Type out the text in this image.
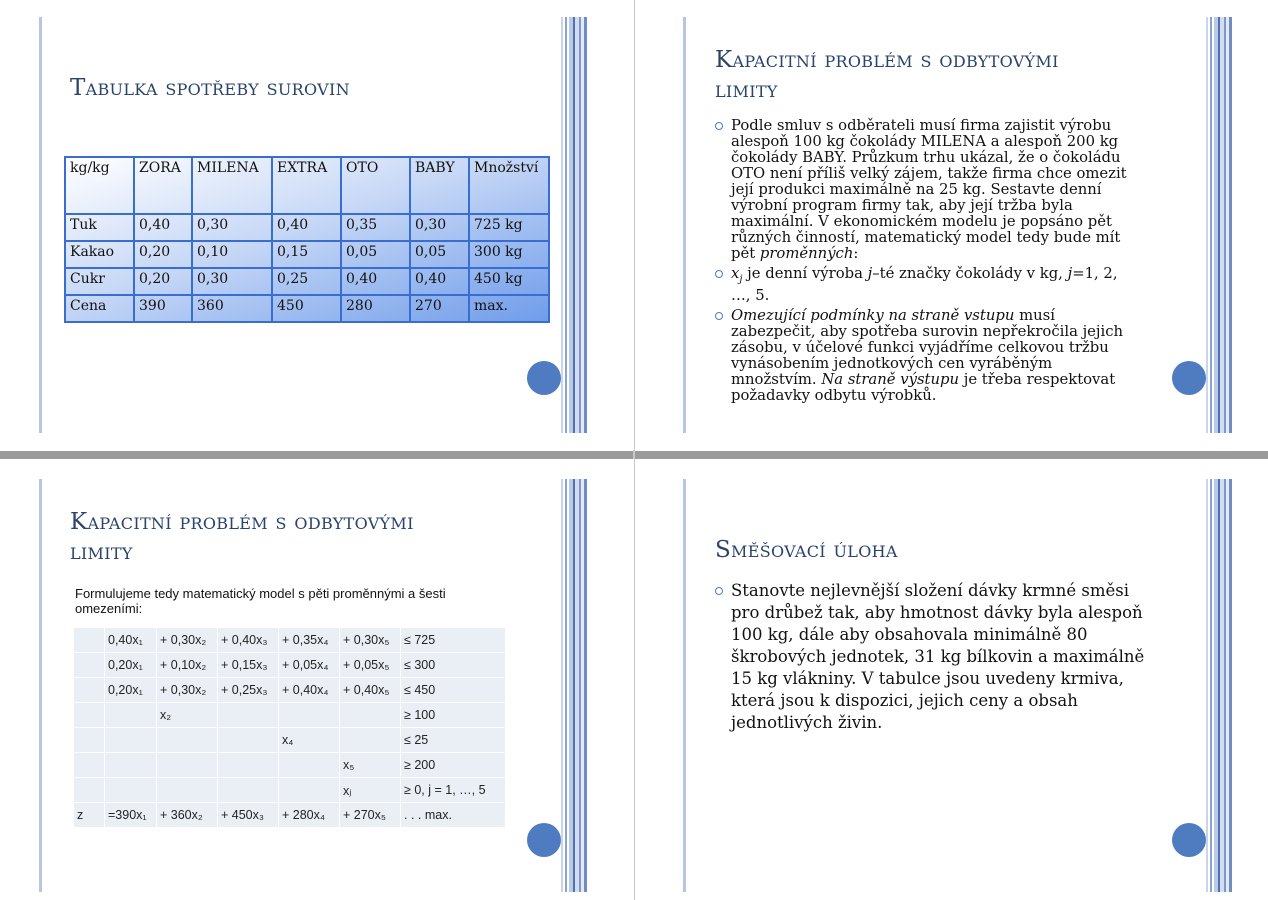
Tabulka spotřeby surovin
kg/kg	ZORA	MILENA	EXTRA	OTO	BABY	Množství
Tuk	0,40	0,30	0,40	0,35	0,30	725 kg
Kakao	0,20	0,10	0,15	0,05	0,05	300 kg
Cukr	0,20	0,30	0,25	0,40	0,40	450 kg
Cena	390	360	450	280	270	max.
Kapacitní problém s odbytovými
limity

Podle smluv s odběrateli musí firma zajistit výrobu alespoň 100 kg čokolády MILENA a alespoň 200 kg čokolády BABY. Průzkum trhu ukázal, že o čokoládu OTO není příliš velký zájem, takže firma chce omezit její produkci maximálně na 25 kg. Sestavte denní výrobní program firmy tak, aby její tržba byla maximální. V ekonomickém modelu je popsáno pět různých činností, matematický model tedy bude mít pět proměnných:

$x_j$ je denní výroba j–té značky čokolády v kg, j=1, 2, …, 5.

Omezující podmínky na straně vstupu musí zabezpečit, aby spotřeba surovin nepřekročila jejich zásobu, v účelové funkci vyjádříme celkovou tržbu vynásobením jednotkových cen vyráběným množstvím. Na straně výstupu je třeba respektovat požadavky odbytu výrobků.

Kapacitní problém s odbytovými
limity
Formulujeme tedy matematický model s pěti proměnnými a šesti omezeními:
	0,40x₁	+ 0,30x₂	+ 0,40x₃	+ 0,35x₄	+ 0,30x₅	≤ 725
	0,20x₁	+ 0,10x₂	+ 0,15x₃	+ 0,05x₄	+ 0,05x₅	≤ 300
	0,20x₁	+ 0,30x₂	+ 0,25x₃	+ 0,40x₄	+ 0,40x₅	≤ 450
		x₂				≥ 100
				x₄		≤ 25
					x₅	≥ 200
					xⱼ	≥ 0, j = 1, …, 5
z	=390x₁	+ 360x₂	+ 450x₃	+ 280x₄	+ 270x₅	. . . max.
Směšovací úloha

Stanovte nejlevnější složení dávky krmné směsi pro drůbež tak, aby hmotnost dávky byla alespoň 100 kg, dále aby obsahovala minimálně 80 škrobových jednotek, 31 kg bílkovin a maximálně 15 kg vlákniny. V tabulce jsou uvedeny krmiva, která jsou k dispozici, jejich ceny a obsah jednotlivých živin.
